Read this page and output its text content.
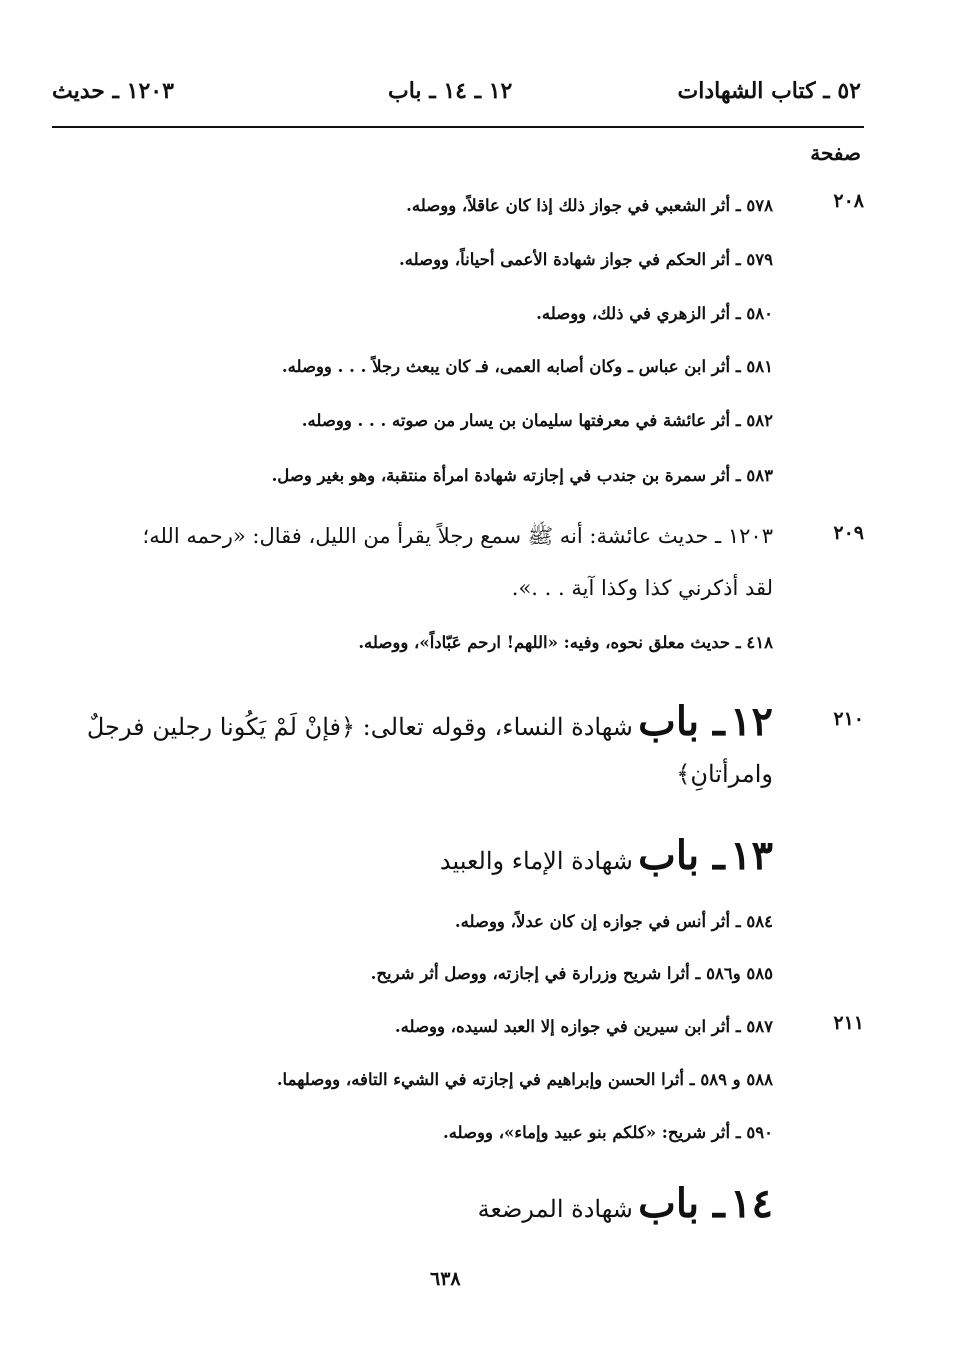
٥٢ ـ كتاب الشهادات
١٢ ـ ١٤ ـ باب
١٢٠٣ ـ حديث
صفحة
٢٠٨
٢٠٩
٢١٠
٢١١
٥٧٨ ـ أثر الشعبي في جواز ذلك إذا كان عاقلاً، ووصله.
٥٧٩ ـ أثر الحكم في جواز شهادة الأعمى أحياناً، ووصله.
٥٨٠ ـ أثر الزهري في ذلك، ووصله.
٥٨١ ـ أثر ابن عباس ـ وكان أصابه العمى، فـ كان يبعث رجلاً . . . ووصله.
٥٨٢ ـ أثر عائشة في معرفتها سليمان بن يسار من صوته . . . ووصله.
٥٨٣ ـ أثر سمرة بن جندب في إجازته شهادة امرأة منتقبة، وهو بغير وصل.
١٢٠٣ ـ حديث عائشة: أنه ﷺ سمع رجلاً يقرأ من الليل، فقال: «رحمه الله؛
لقد أذكرني كذا وكذا آية . . .».
٤١٨ ـ حديث معلق نحوه، وفيه: «اللهم! ارحم عَبّاداً»، ووصله.
١٢ ـ باب شهادة النساء، وقوله تعالى: ﴿فإنْ لَمْ يَكُونا رجلين فرجلٌ
وامرأتانِ﴾
١٣ ـ باب شهادة الإماء والعبيد
٥٨٤ ـ أثر أنس في جوازه إن كان عدلاً، ووصله.
٥٨٥ و٥٨٦ ـ أثرا شريح وزرارة في إجازته، ووصل أثر شريح.
٥٨٧ ـ أثر ابن سيرين في جوازه إلا العبد لسيده، ووصله.
٥٨٨ و ٥٨٩ ـ أثرا الحسن وإبراهيم في إجازته في الشيء التافه، ووصلهما.
٥٩٠ ـ أثر شريح: «كلكم بنو عبيد وإماء»، ووصله.
١٤ ـ باب شهادة المرضعة
٦٣٨
